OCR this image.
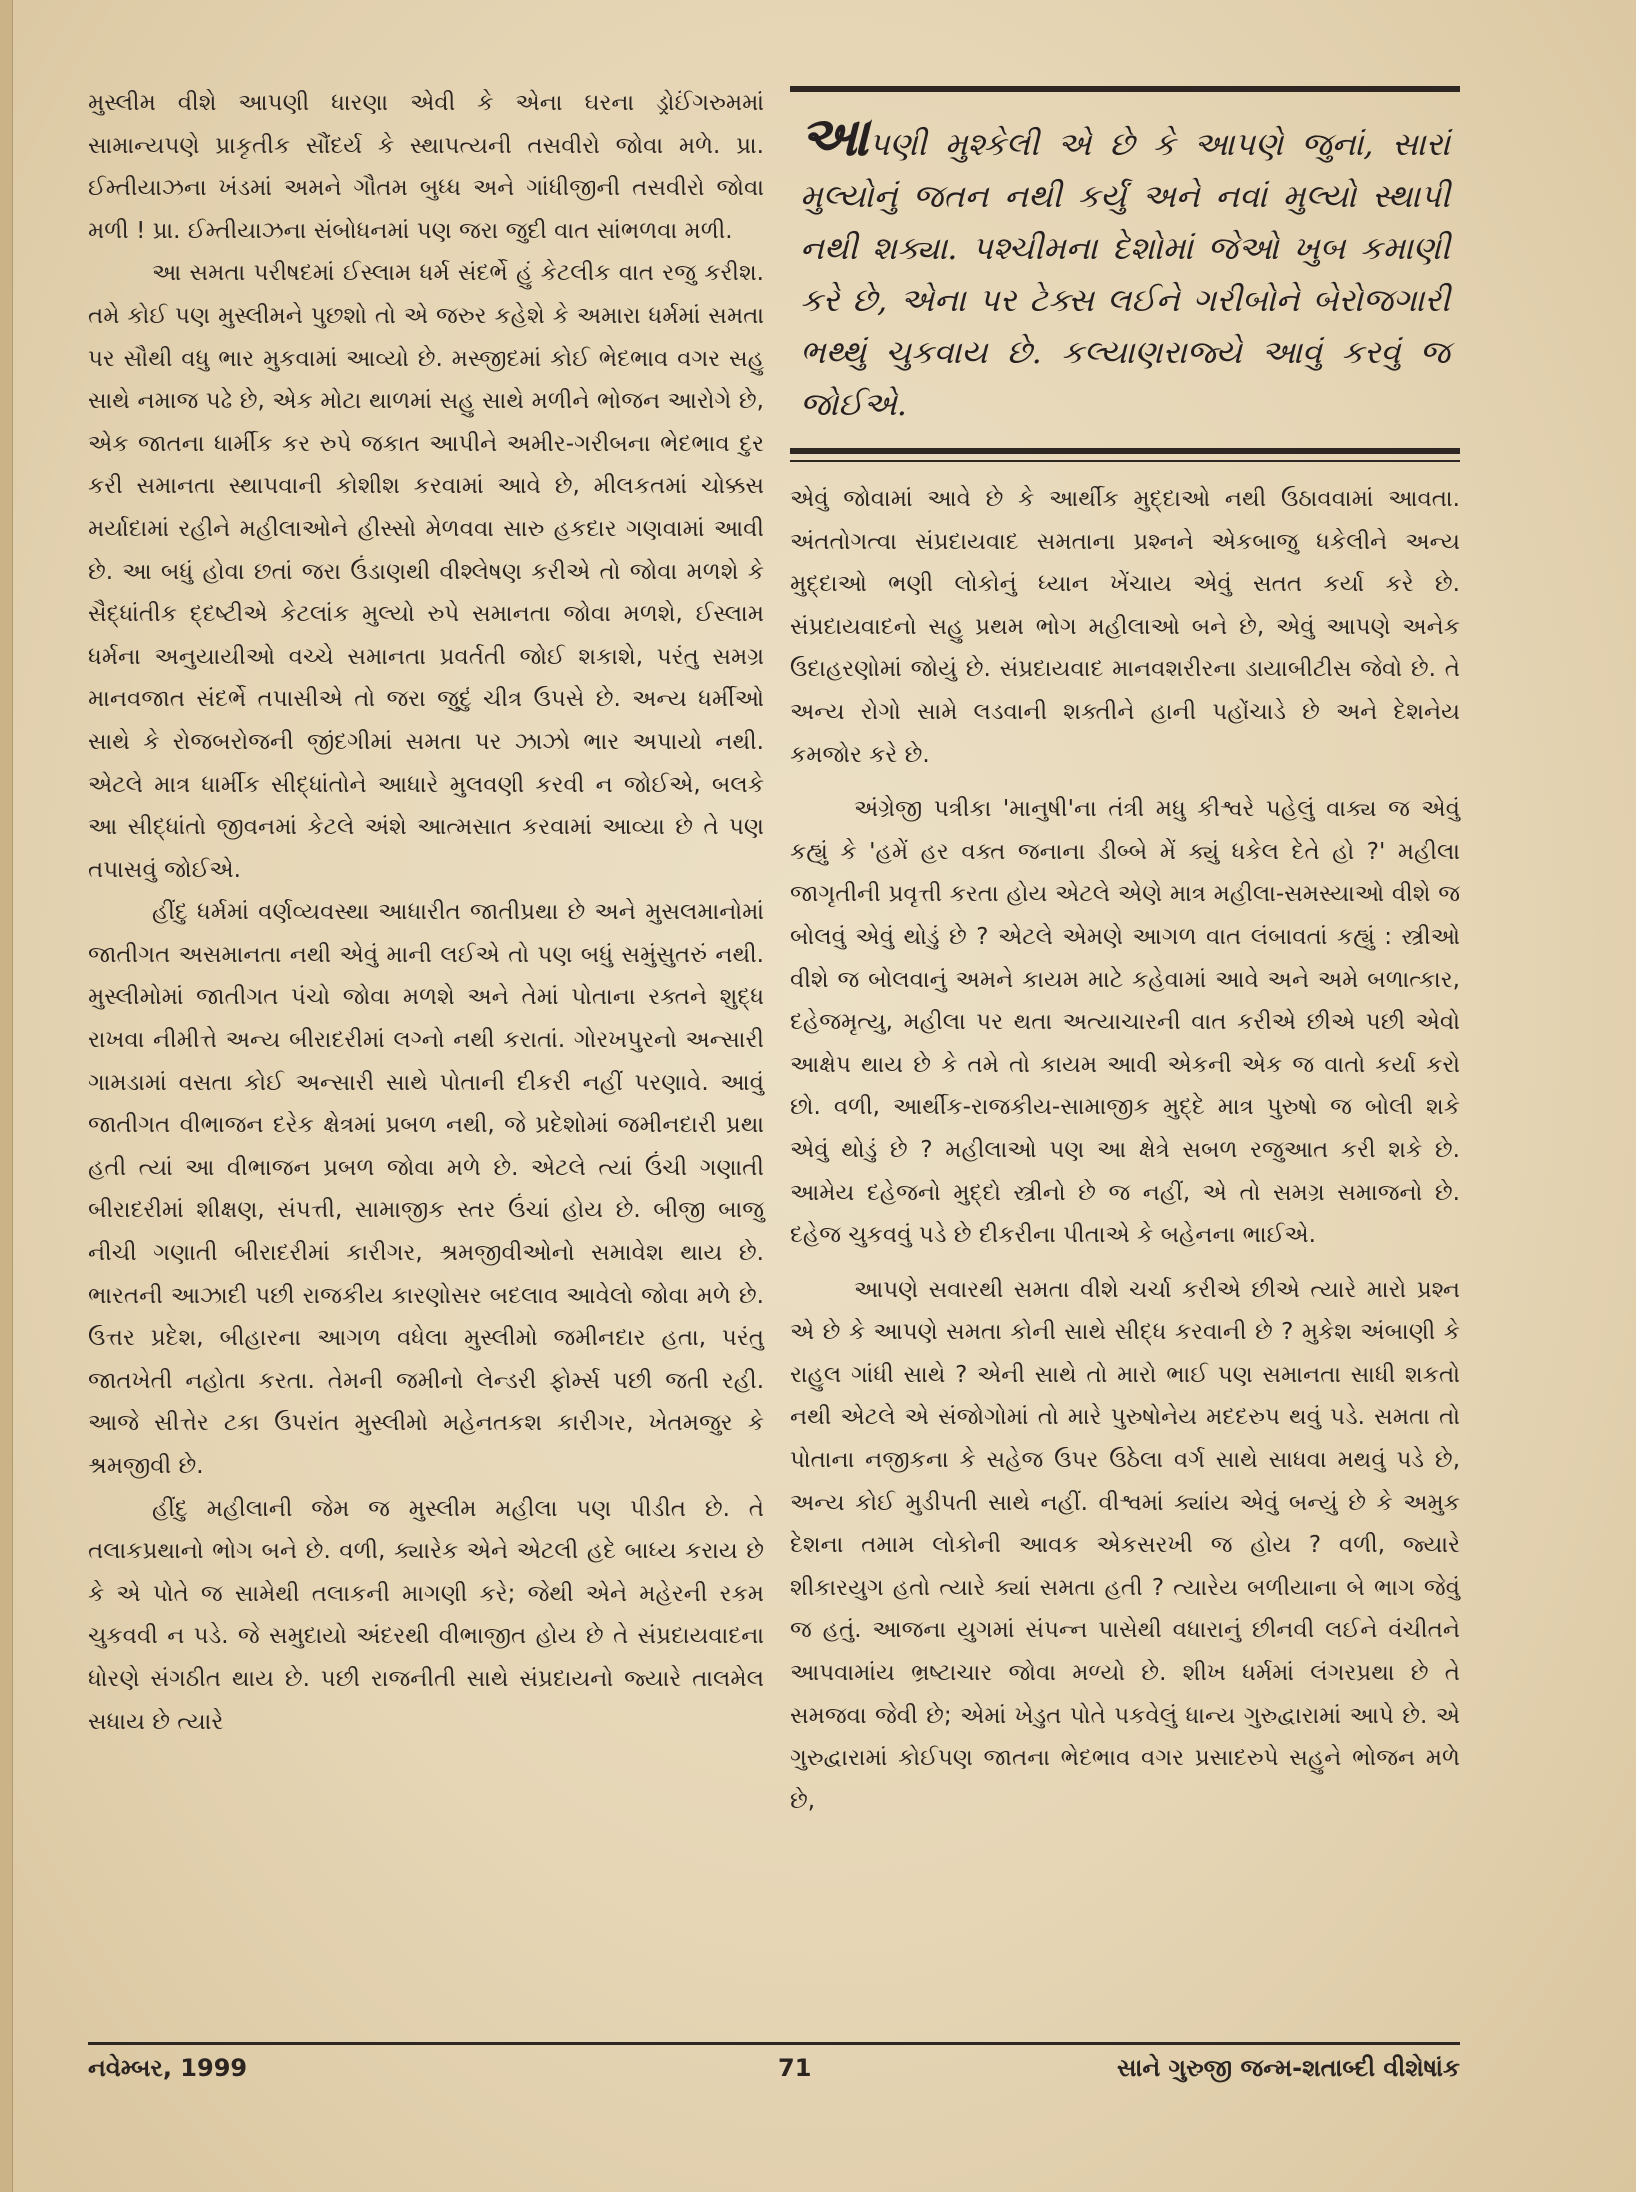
મુસ્લીમ વીશે આપણી ધારણા એવી કે એના ઘરના ડ્રોઈંગરુમમાં સામાન્યપણે પ્રાકૃતીક સૌંદર્ય કે સ્થાપત્યની તસવીરો જોવા મળે. પ્રા. ઈમ્તીયાઝના ખંડમાં અમને ગૌતમ બુધ્ધ અને ગાંધીજીની તસવીરો જોવા મળી ! પ્રા. ઈમ્તીયાઝના સંબોધનમાં પણ જરા જુદી વાત સાંભળવા મળી.

આ સમતા પરીષદમાં ઈસ્લામ ધર્મ સંદર્ભે હું કેટલીક વાત રજુ કરીશ. તમે કોઈ પણ મુસ્લીમને પુછશો તો એ જરુર કહેશે કે અમારા ધર્મમાં સમતા પર સૌથી વધુ ભાર મુકવામાં આવ્યો છે. મસ્જીદમાં કોઈ ભેદભાવ વગર સહુ સાથે નમાજ પઢે છે, એક મોટા થાળમાં સહુ સાથે મળીને ભોજન આરોગે છે, એક જાતના ધાર્મીક કર રુપે જકાત આપીને અમીર-ગરીબના ભેદભાવ દુર કરી સમાનતા સ્થાપવાની કોશીશ કરવામાં આવે છે, મીલકતમાં ચોક્કસ મર્યાદામાં રહીને મહીલાઓને હીસ્સો મેળવવા સારુ હકદાર ગણવામાં આવી છે. આ બધું હોવા છતાં જરા ઉંડાણથી વીશ્લેષણ કરીએ તો જોવા મળશે કે સૈદ્ધાંતીક દ્દષ્ટીએ કેટલાંક મુલ્યો રુપે સમાનતા જોવા મળશે, ઈસ્લામ ધર્મના અનુયાયીઓ વચ્ચે સમાનતા પ્રવર્તતી જોઈ શકાશે, પરંતુ સમગ્ર માનવજાત સંદર્ભે તપાસીએ તો જરા જુદું ચીત્ર ઉપસે છે. અન્ય ધર્મીઓ સાથે કે રોજબરોજની જીંદગીમાં સમતા પર ઝાઝો ભાર અપાયો નથી. એટલે માત્ર ધાર્મીક સીદ્ધાંતોને આધારે મુલવણી કરવી ન જોઈએ, બલકે આ સીદ્ધાંતો જીવનમાં કેટલે અંશે આત્મસાત કરવામાં આવ્યા છે તે પણ તપાસવું જોઈએ.

હીંદુ ધર્મમાં વર્ણવ્યવસ્થા આધારીત જાતીપ્રથા છે અને મુસલમાનોમાં જાતીગત અસમાનતા નથી એવું માની લઈએ તો પણ બધું સમુંસુતરું નથી. મુસ્લીમોમાં જાતીગત પંચો જોવા મળશે અને તેમાં પોતાના રક્તને શુદ્ધ રાખવા નીમીત્તે અન્ય બીરાદરીમાં લગ્નો નથી કરાતાં. ગોરખપુરનો અન્સારી ગામડામાં વસતા કોઈ અન્સારી સાથે પોતાની દીકરી નહીં પરણાવે. આવું જાતીગત વીભાજન દરેક ક્ષેત્રમાં પ્રબળ નથી, જે પ્રદેશોમાં જમીનદારી પ્રથા હતી ત્યાં આ વીભાજન પ્રબળ જોવા મળે છે. એટલે ત્યાં ઉંચી ગણાતી બીરાદરીમાં શીક્ષણ, સંપત્તી, સામાજીક સ્તર ઉંચાં હોય છે. બીજી બાજુ નીચી ગણાતી બીરાદરીમાં કારીગર, શ્રમજીવીઓનો સમાવેશ થાય છે. ભારતની આઝાદી પછી રાજકીય કારણોસર બદલાવ આવેલો જોવા મળે છે. ઉત્તર પ્રદેશ, બીહારના આગળ વધેલા મુસ્લીમો જમીનદાર હતા, પરંતુ જાતખેતી નહોતા કરતા. તેમની જમીનો લેન્ડરી ફોર્મ્સ પછી જતી રહી. આજે સીત્તેર ટકા ઉપરાંત મુસ્લીમો મહેનતકશ કારીગર, ખેતમજુર કે શ્રમજીવી છે.

હીંદુ મહીલાની જેમ જ મુસ્લીમ મહીલા પણ પીડીત છે. તે તલાકપ્રથાનો ભોગ બને છે. વળી, ક્યારેક એને એટલી હદે બાધ્ય કરાય છે કે એ પોતે જ સામેથી તલાકની માગણી કરે; જેથી એને મહેરની રકમ ચુકવવી ન પડે. જે સમુદાયો અંદરથી વીભાજીત હોય છે તે સંપ્રદાયવાદના ધોરણે સંગઠીત થાય છે. પછી રાજનીતી સાથે સંપ્રદાયનો જ્યારે તાલમેલ સધાય છે ત્યારે

આપણી મુશ્કેલી એ છે કે આપણે જુનાં, સારાં મુલ્યોનું જતન નથી કર્યું અને નવાં મુલ્યો સ્થાપી નથી શક્યા. પશ્ચીમના દેશોમાં જેઓ ખુબ કમાણી કરે છે, એના પર ટેક્સ લઈને ગરીબોને બેરોજગારી ભથ્થું ચુકવાય છે. કલ્યાણરાજ્યે આવું કરવું જ જોઈએ.

એવું જોવામાં આવે છે કે આર્થીક મુદ્દાઓ નથી ઉઠાવવામાં આવતા. અંતતોગત્વા સંપ્રદાયવાદ સમતાના પ્રશ્નને એકબાજુ ધકેલીને અન્ય મુદ્દાઓ ભણી લોકોનું ધ્યાન ખેંચાય એવું સતત કર્યા કરે છે. સંપ્રદાયવાદનો સહુ પ્રથમ ભોગ મહીલાઓ બને છે, એવું આપણે અનેક ઉદાહરણોમાં જોયું છે. સંપ્રદાયવાદ માનવશરીરના ડાયાબીટીસ જેવો છે. તે અન્ય રોગો સામે લડવાની શક્તીને હાની પહોંચાડે છે અને દેશનેય કમજોર કરે છે.

અંગ્રેજી પત્રીકા 'માનુષી'ના તંત્રી મધુ કીશ્વરે પહેલું વાક્ય જ એવું કહ્યું કે 'હમેં હર વક્ત જનાના ડીબ્બે મેં ક્યું ધકેલ દેતે હો ?' મહીલા જાગૃતીની પ્રવૃત્તી કરતા હોય એટલે એણે માત્ર મહીલા-સમસ્યાઓ વીશે જ બોલવું એવું થોડું છે ? એટલે એમણે આગળ વાત લંબાવતાં કહ્યું : સ્ત્રીઓ વીશે જ બોલવાનું અમને કાયમ માટે કહેવામાં આવે અને અમે બળાત્કાર, દહેજમૃત્યુ, મહીલા પર થતા અત્યાચારની વાત કરીએ છીએ પછી એવો આક્ષેપ થાય છે કે તમે તો કાયમ આવી એકની એક જ વાતો કર્યા કરો છો. વળી, આર્થીક-રાજકીય-સામાજીક મુદ્દે માત્ર પુરુષો જ બોલી શકે એવું થોડું છે ? મહીલાઓ પણ આ ક્ષેત્રે સબળ રજુઆત કરી શકે છે. આમેય દહેજનો મુદ્દો સ્ત્રીનો છે જ નહીં, એ તો સમગ્ર સમાજનો છે. દહેજ ચુકવવું પડે છે દીકરીના પીતાએ કે બહેનના ભાઈએ.

આપણે સવારથી સમતા વીશે ચર્ચા કરીએ છીએ ત્યારે મારો પ્રશ્ન એ છે કે આપણે સમતા કોની સાથે સીદ્ધ કરવાની છે ? મુકેશ અંબાણી કે રાહુલ ગાંધી સાથે ? એની સાથે તો મારો ભાઈ પણ સમાનતા સાધી શકતો નથી એટલે એ સંજોગોમાં તો મારે પુરુષોનેય મદદરુપ થવું પડે. સમતા તો પોતાના નજીકના કે સહેજ ઉપર ઉઠેલા વર્ગ સાથે સાધવા મથવું પડે છે, અન્ય કોઈ મુડીપતી સાથે નહીં. વીશ્વમાં ક્યાંય એવું બન્યું છે કે અમુક દેશના તમામ લોકોની આવક એકસરખી જ હોય ? વળી, જ્યારે શીકારયુગ હતો ત્યારે ક્યાં સમતા હતી ? ત્યારેય બળીયાના બે ભાગ જેવું જ હતું. આજના યુગમાં સંપન્ન પાસેથી વધારાનું છીનવી લઈને વંચીતને આપવામાંય ભ્રષ્ટાચાર જોવા મળ્યો છે. શીખ ધર્મમાં લંગરપ્રથા છે તે સમજવા જેવી છે; એમાં ખેડુત પોતે પકવેલું ધાન્ય ગુરુદ્વારામાં આપે છે. એ ગુરુદ્વારામાં કોઈપણ જાતના ભેદભાવ વગર પ્રસાદરુપે સહુને ભોજન મળે છે,

નવેમ્બર, 1999	71	સાને ગુરુજી જન્મ-શતાબ્દી વીશેષાંક
